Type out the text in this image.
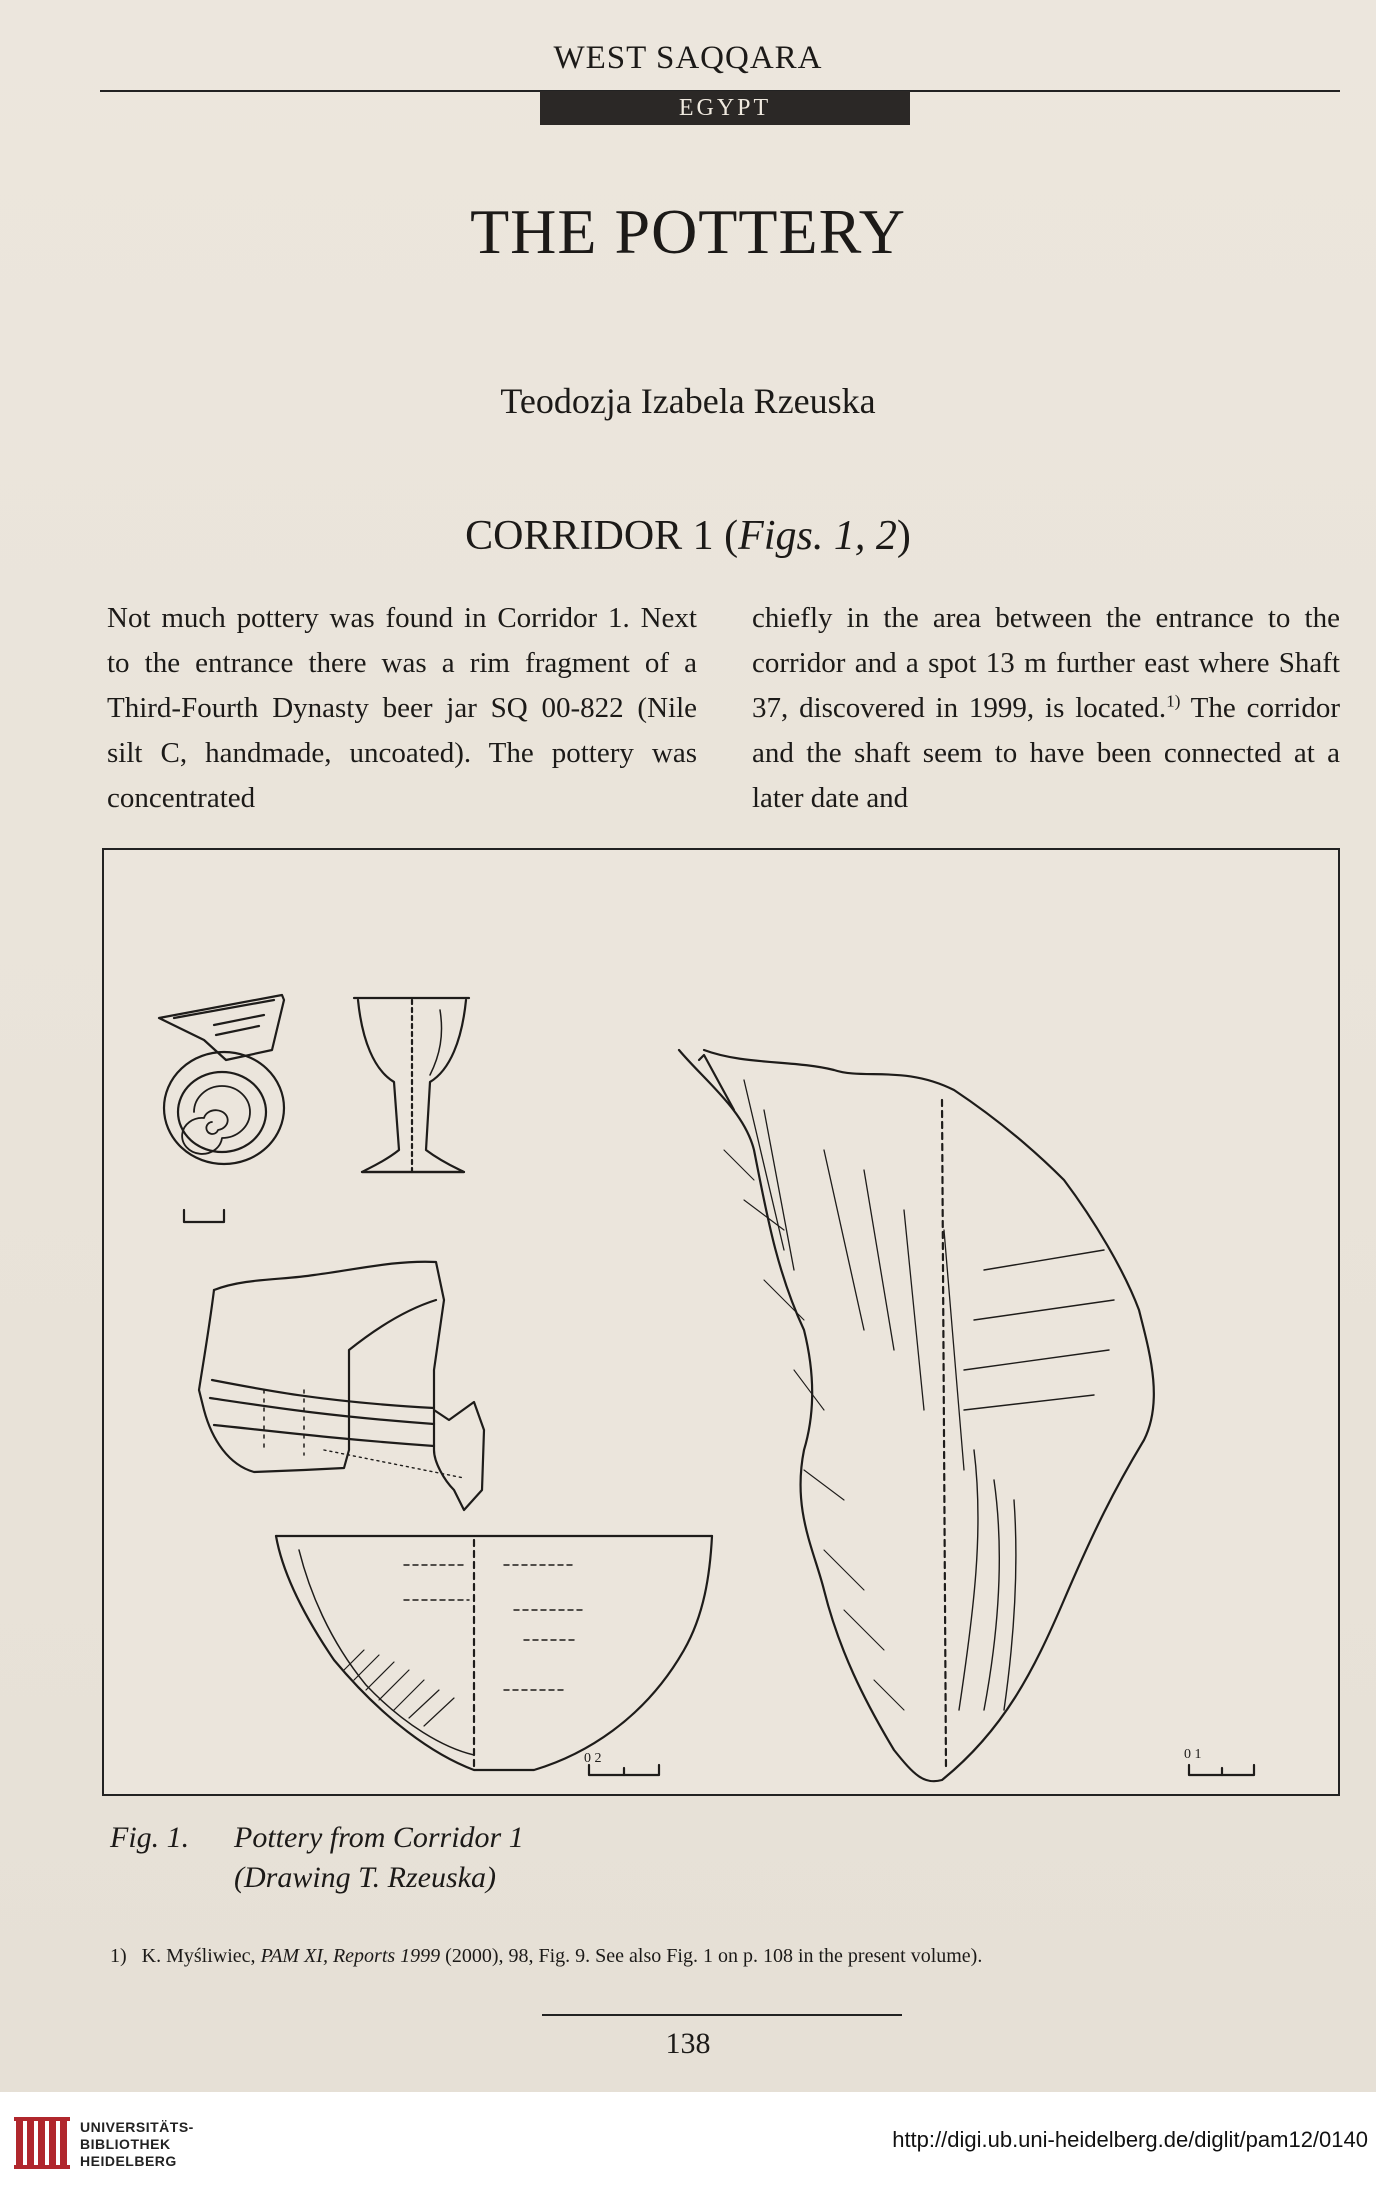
WEST SAQQARA
EGYPT
THE POTTERY
Teodozja Izabela Rzeuska
CORRIDOR 1 (Figs. 1, 2)
Not much pottery was found in Corridor 1. Next to the entrance there was a rim fragment of a Third-Fourth Dynasty beer jar SQ 00-822 (Nile silt C, handmade, uncoated). The pottery was concentrated
chiefly in the area between the entrance to the corridor and a spot 13 m further east where Shaft 37, discovered in 1999, is located.$^{1)}$ The corridor and the shaft seem to have been connected at a later date and
0 2	0 1
Fig. 1. Pottery from Corridor 1
(Drawing T. Rzeuska)
1) K. Myśliwiec, PAM XI, Reports 1999 (2000), 98, Fig. 9. See also Fig. 1 on p. 108 in the present volume).
138
UNIVERSITÄTS-
BIBLIOTHEK
HEIDELBERG
http://digi.ub.uni-heidelberg.de/diglit/pam12/0140
